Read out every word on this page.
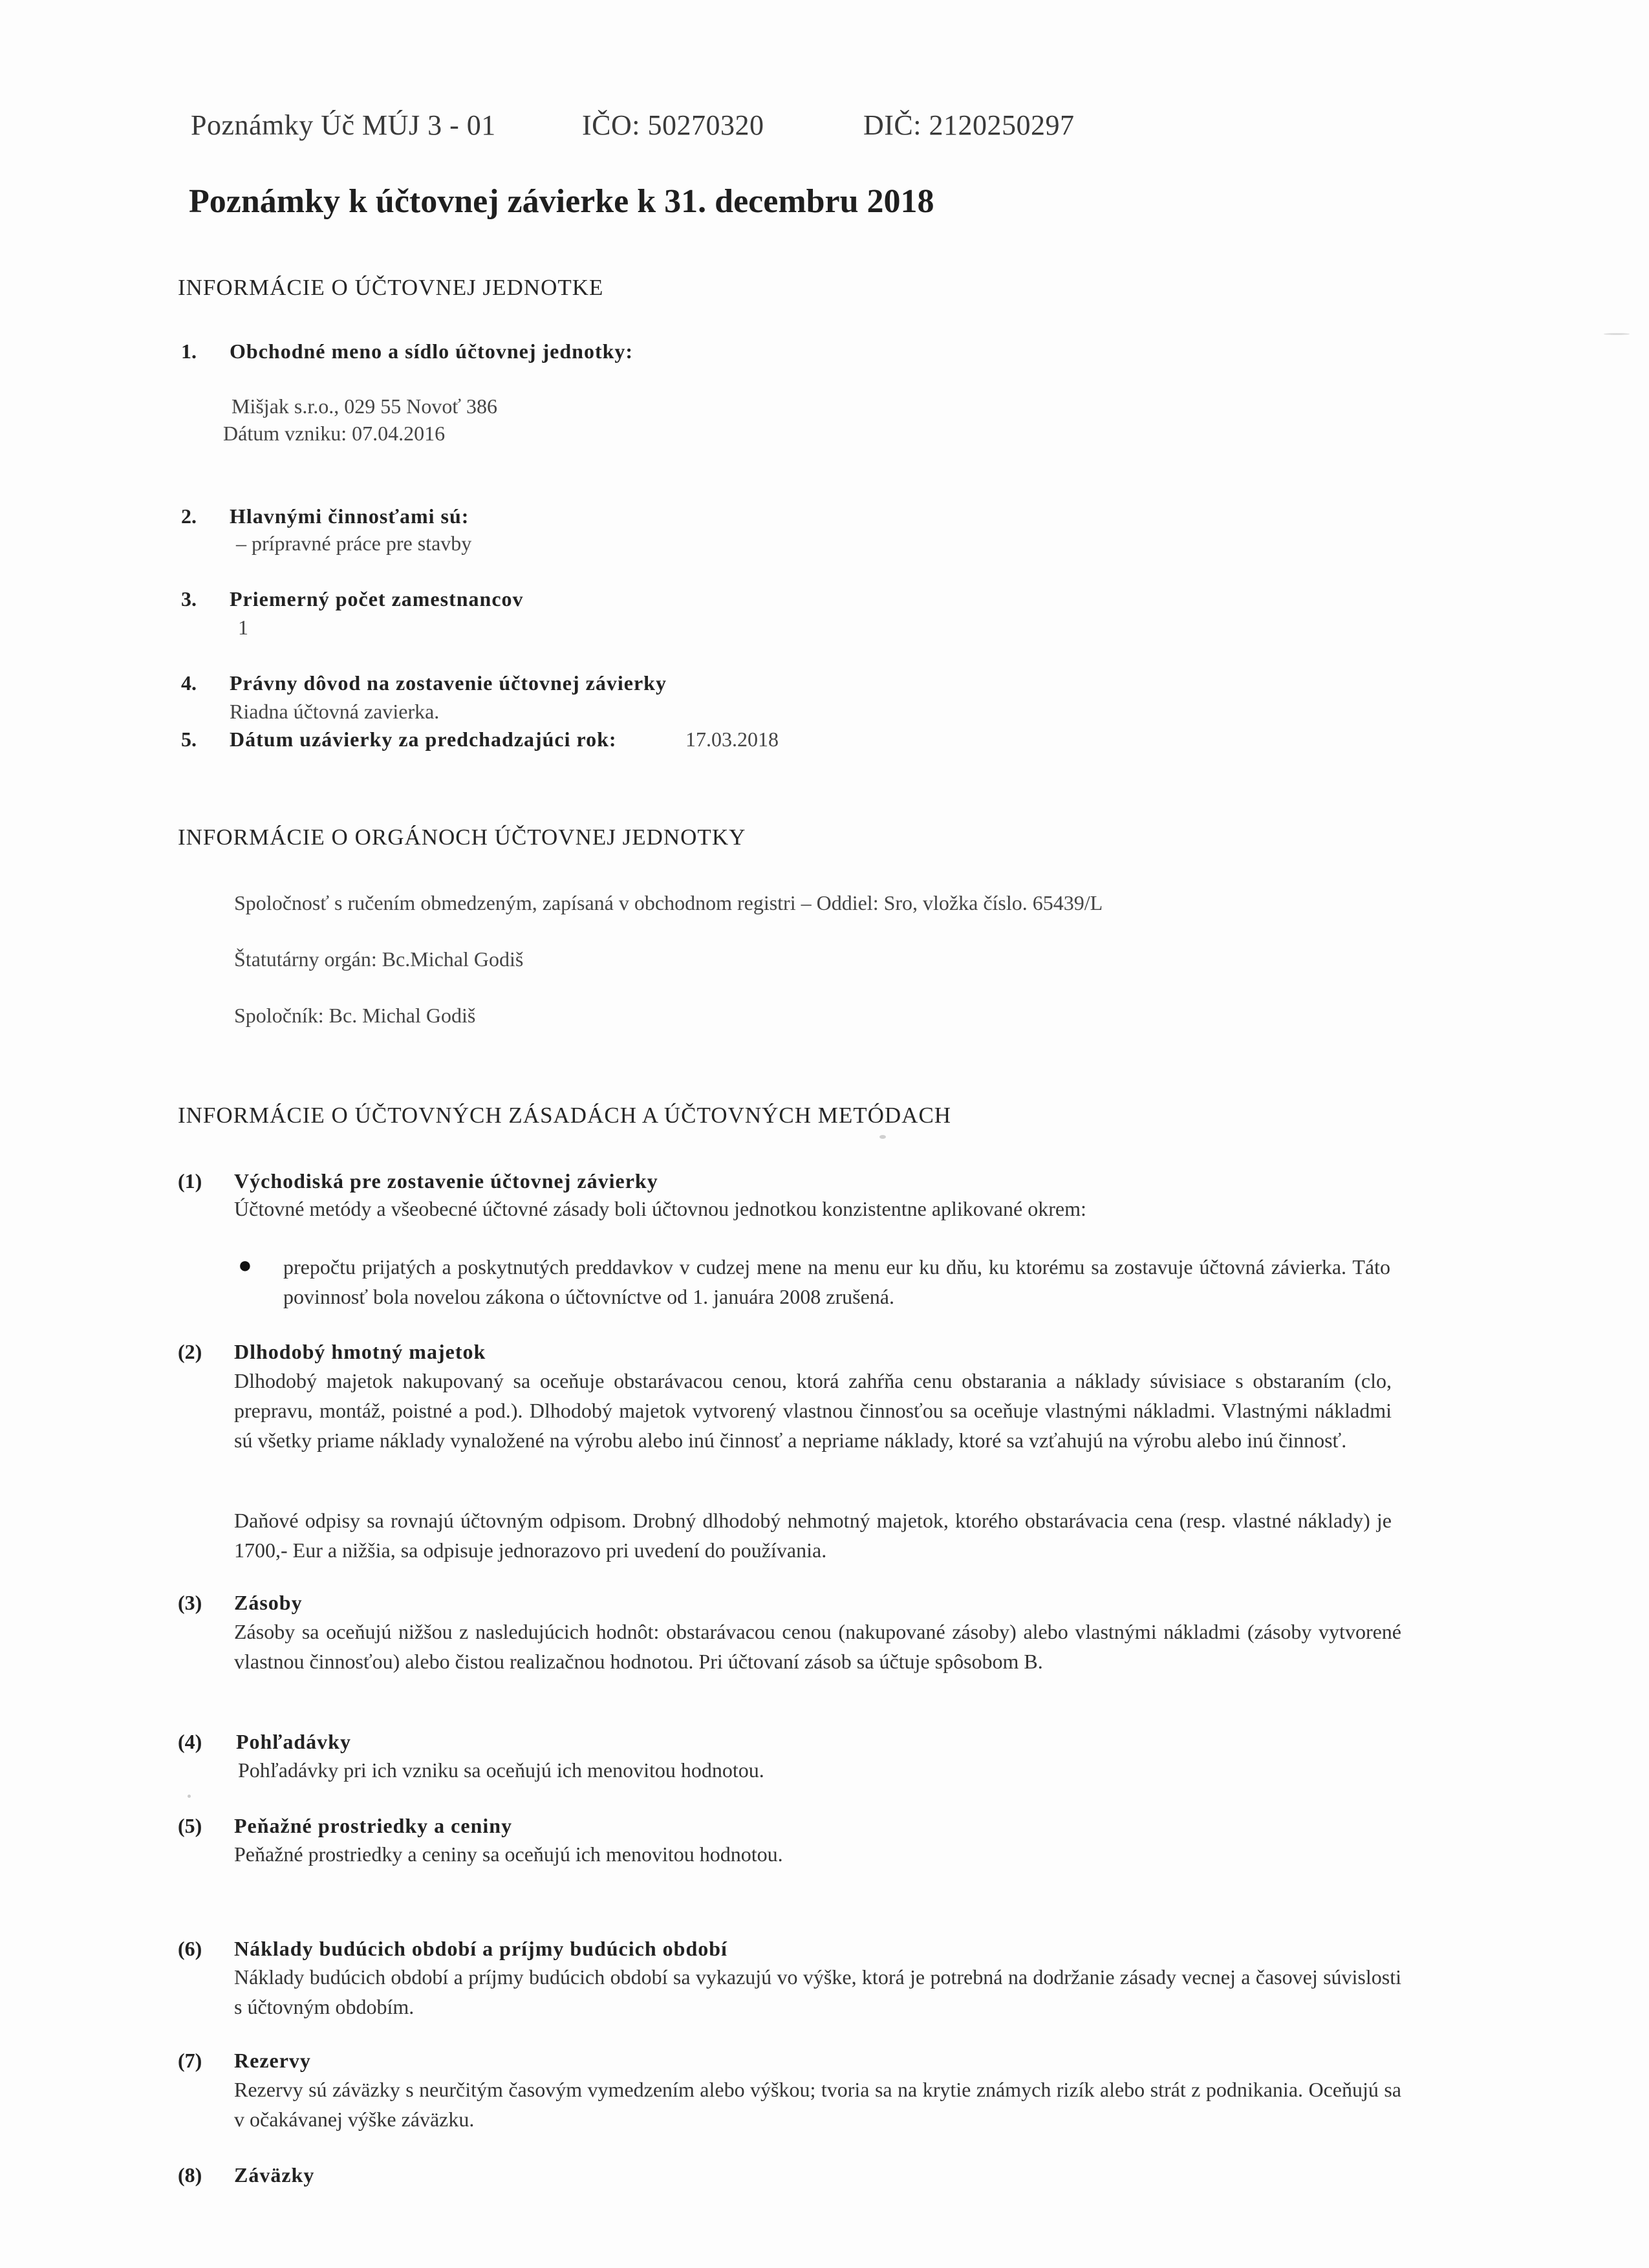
Poznámky Úč MÚJ 3 - 01	IČO: 50270320	DIČ: 2120250297
Poznámky k účtovnej závierke k 31. decembru 2018
INFORMÁCIE O ÚČTOVNEJ JEDNOTKE
1. Obchodné meno a sídlo účtovnej jednotky:
Mišjak s.r.o., 029 55 Novoť 386
Dátum vzniku: 07.04.2016
2. Hlavnými činnosťami sú:
– prípravné práce pre stavby
3. Priemerný počet zamestnancov
1
4. Právny dôvod na zostavenie účtovnej závierky
Riadna účtovná zavierka.
5. Dátum uzávierky za predchadzajúci rok:	17.03.2018
INFORMÁCIE O ORGÁNOCH ÚČTOVNEJ JEDNOTKY
Spoločnosť s ručením obmedzeným, zapísaná v obchodnom registri – Oddiel: Sro, vložka číslo. 65439/L
Štatutárny orgán: Bc.Michal Godiš
Spoločník: Bc. Michal Godiš
INFORMÁCIE O ÚČTOVNÝCH ZÁSADÁCH A ÚČTOVNÝCH METÓDACH
(1) Východiská pre zostavenie účtovnej závierky
Účtovné metódy a všeobecné účtovné zásady boli účtovnou jednotkou konzistentne aplikované okrem:
● prepočtu prijatých a poskytnutých preddavkov v cudzej mene na menu eur ku dňu, ku ktorému sa zostavuje účtovná závierka. Táto povinnosť bola novelou zákona o účtovníctve od 1. januára 2008 zrušená.
(2) Dlhodobý hmotný majetok
Dlhodobý majetok nakupovaný sa oceňuje obstarávacou cenou, ktorá zahŕňa cenu obstarania a náklady súvisiace s obstaraním (clo, prepravu, montáž, poistné a pod.). Dlhodobý majetok vytvorený vlastnou činnosťou sa oceňuje vlastnými nákladmi. Vlastnými nákladmi sú všetky priame náklady vynaložené na výrobu alebo inú činnosť a nepriame náklady, ktoré sa vzťahujú na výrobu alebo inú činnosť.
Daňové odpisy sa rovnajú účtovným odpisom. Drobný dlhodobý nehmotný majetok, ktorého obstarávacia cena (resp. vlastné náklady) je 1700,- Eur a nižšia, sa odpisuje jednorazovo pri uvedení do používania.
(3) Zásoby
Zásoby sa oceňujú nižšou z nasledujúcich hodnôt: obstarávacou cenou (nakupované zásoby) alebo vlastnými nákladmi (zásoby vytvorené vlastnou činnosťou) alebo čistou realizačnou hodnotou. Pri účtovaní zásob sa účtuje spôsobom B.
(4) Pohľadávky
Pohľadávky pri ich vzniku sa oceňujú ich menovitou hodnotou.
(5) Peňažné prostriedky a ceniny
Peňažné prostriedky a ceniny sa oceňujú ich menovitou hodnotou.
(6) Náklady budúcich období a príjmy budúcich období
Náklady budúcich období a príjmy budúcich období sa vykazujú vo výške, ktorá je potrebná na dodržanie zásady vecnej a časovej súvislosti s účtovným obdobím.
(7) Rezervy
Rezervy sú záväzky s neurčitým časovým vymedzením alebo výškou; tvoria sa na krytie známych rizík alebo strát z podnikania. Oceňujú sa v očakávanej výške záväzku.
(8) Záväzky
